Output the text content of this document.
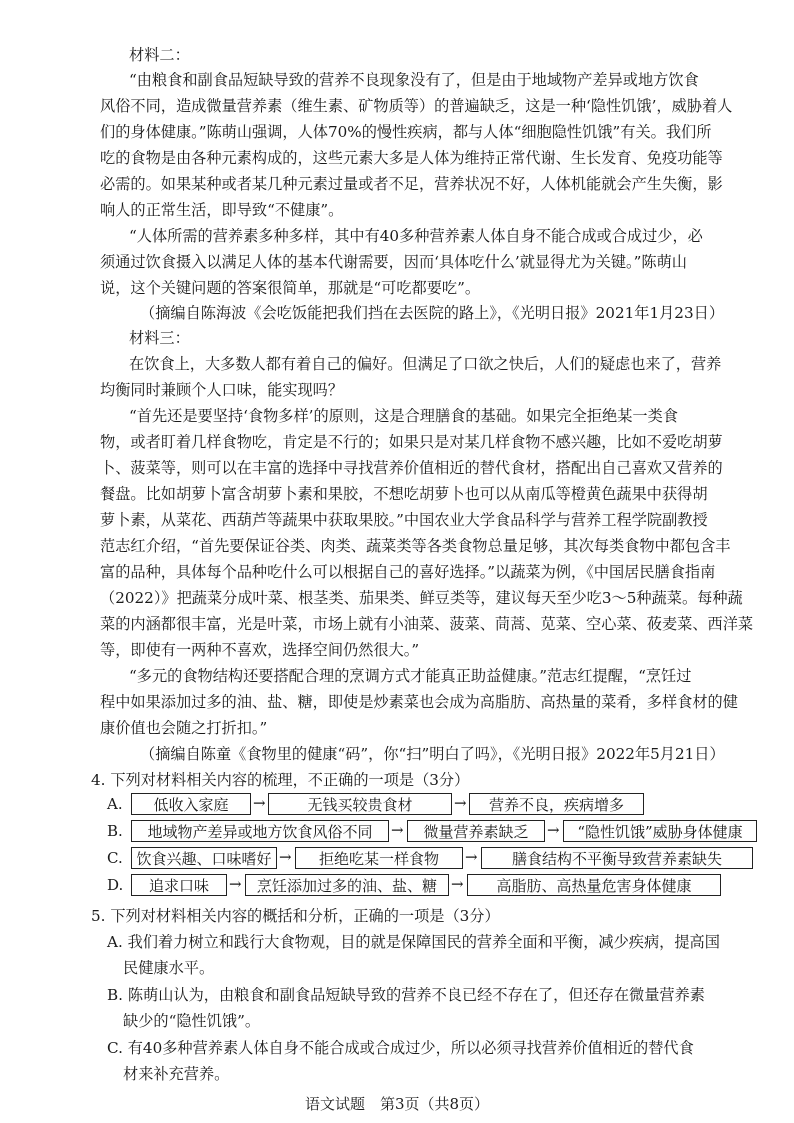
材料二：
“由粮食和副食品短缺导致的营养不良现象没有了，但是由于地域物产差异或地方饮食
风俗不同，造成微量营养素（维生素、矿物质等）的普遍缺乏，这是一种‘隐性饥饿’，威胁着人
们的身体健康。”陈萌山强调，人体70%的慢性疾病，都与人体“细胞隐性饥饿”有关。我们所
吃的食物是由各种元素构成的，这些元素大多是人体为维持正常代谢、生长发育、免疫功能等
必需的。如果某种或者某几种元素过量或者不足，营养状况不好，人体机能就会产生失衡，影
响人的正常生活，即导致“不健康”。
“人体所需的营养素多种多样，其中有40多种营养素人体自身不能合成或合成过少，必
须通过饮食摄入以满足人体的基本代谢需要，因而‘具体吃什么’就显得尤为关键。”陈萌山
说，这个关键问题的答案很简单，那就是“可吃都要吃”。
（摘编自陈海波《会吃饭能把我们挡在去医院的路上》，《光明日报》2021年1月23日）
材料三：
在饮食上，大多数人都有着自己的偏好。但满足了口欲之快后，人们的疑虑也来了，营养
均衡同时兼顾个人口味，能实现吗？
“首先还是要坚持‘食物多样’的原则，这是合理膳食的基础。如果完全拒绝某一类食
物，或者盯着几样食物吃，肯定是不行的；如果只是对某几样食物不感兴趣，比如不爱吃胡萝
卜、菠菜等，则可以在丰富的选择中寻找营养价值相近的替代食材，搭配出自己喜欢又营养的
餐盘。比如胡萝卜富含胡萝卜素和果胶，不想吃胡萝卜也可以从南瓜等橙黄色蔬果中获得胡
萝卜素，从菜花、西葫芦等蔬果中获取果胶。”中国农业大学食品科学与营养工程学院副教授
范志红介绍，“首先要保证谷类、肉类、蔬菜类等各类食物总量足够，其次每类食物中都包含丰
富的品种，具体每个品种吃什么可以根据自己的喜好选择。”以蔬菜为例，《中国居民膳食指南
（2022）》把蔬菜分成叶菜、根茎类、茄果类、鲜豆类等，建议每天至少吃3～5种蔬菜。每种蔬
菜的内涵都很丰富，光是叶菜，市场上就有小油菜、菠菜、茼蒿、苋菜、空心菜、莜麦菜、西洋菜
等，即使有一两种不喜欢，选择空间仍然很大。”
“多元的食物结构还要搭配合理的烹调方式才能真正助益健康。”范志红提醒，“烹饪过
程中如果添加过多的油、盐、糖，即使是炒素菜也会成为高脂肪、高热量的菜肴，多样食材的健
康价值也会随之打折扣。”
（摘编自陈童《食物里的健康“码”，你“扫”明白了吗》，《光明日报》2022年5月21日）
4. 下列对材料相关内容的梳理，不正确的一项是（3分）
A.	低收入家庭	→	无钱买较贵食材	→	营养不良，疾病增多
B.	地域物产差异或地方饮食风俗不同	→	微量营养素缺乏	→	“隐性饥饿”威胁身体健康
C. 饮食兴趣、口味嗜好 →	拒绝吃某一样食物	→	膳食结构不平衡导致营养素缺失
D.	追求口味	→	烹饪添加过多的油、盐、糖 →	高脂肪、高热量危害身体健康
5. 下列对材料相关内容的概括和分析，正确的一项是（3分）
A. 我们着力树立和践行大食物观，目的就是保障国民的营养全面和平衡，减少疾病，提高国
民健康水平。
B. 陈萌山认为，由粮食和副食品短缺导致的营养不良已经不存在了，但还存在微量营养素
缺少的“隐性饥饿”。
C. 有40多种营养素人体自身不能合成或合成过少，所以必须寻找营养价值相近的替代食
材来补充营养。
语文试题　第3页（共8页）
